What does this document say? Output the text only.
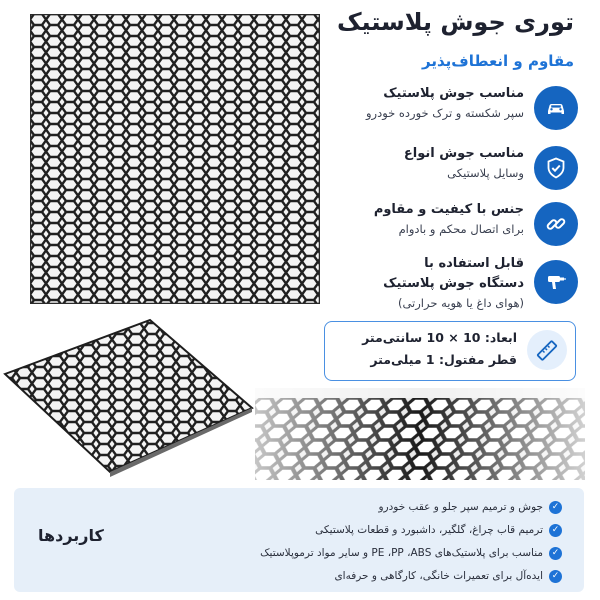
توری جوش پلاستیک
مقاوم و انعطاف‌پذیر
مناسب جوش پلاستیک
سپر شکسته و ترک خورده خودرو
مناسب جوش انواع
وسایل پلاستیکی
جنس با کیفیت و مقاوم
برای اتصال محکم و بادوام
قابل استفاده با
دستگاه جوش پلاستیک
(هوای داغ یا هویه حرارتی)
ابعاد: 10 × 10 سانتی‌متر
قطر مفتول: 1 میلی‌متر
کاربردها
✓جوش و ترمیم سپر جلو و عقب خودرو
✓ترمیم قاب چراغ، گلگیر، داشبورد و قطعات پلاستیکی
✓مناسب برای پلاستیک‌های PE ،PP ،ABS و سایر مواد ترموپلاستیک
✓ایده‌آل برای تعمیرات خانگی، کارگاهی و حرفه‌ای
